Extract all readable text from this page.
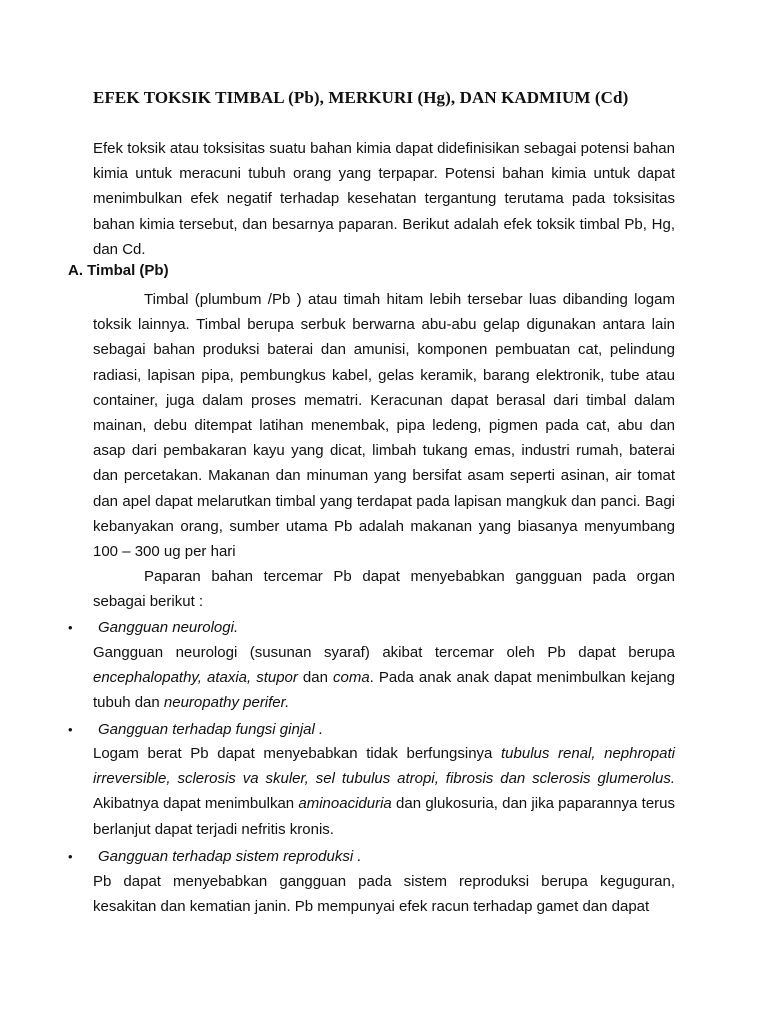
EFEK TOKSIK TIMBAL (Pb), MERKURI (Hg), DAN KADMIUM (Cd)

Efek toksik atau toksisitas suatu bahan kimia dapat didefinisikan sebagai potensi bahan kimia untuk meracuni tubuh orang yang terpapar. Potensi bahan kimia untuk dapat menimbulkan efek negatif terhadap kesehatan tergantung terutama pada toksisitas bahan kimia tersebut, dan besarnya paparan. Berikut adalah efek toksik timbal Pb, Hg, dan Cd.

A. Timbal (Pb)

Timbal (plumbum /Pb ) atau timah hitam lebih tersebar luas dibanding logam toksik lainnya. Timbal berupa serbuk berwarna abu-abu gelap digunakan antara lain sebagai bahan produksi baterai dan amunisi, komponen pembuatan cat, pelindung radiasi, lapisan pipa, pembungkus kabel, gelas keramik, barang elektronik, tube atau container, juga dalam proses mematri. Keracunan dapat berasal dari timbal dalam mainan, debu ditempat latihan menembak, pipa ledeng, pigmen pada cat, abu dan asap dari pembakaran kayu yang dicat, limbah tukang emas, industri rumah, baterai dan percetakan. Makanan dan minuman yang bersifat asam seperti asinan, air tomat dan apel dapat melarutkan timbal yang terdapat pada lapisan mangkuk dan panci. Bagi kebanyakan orang, sumber utama Pb adalah makanan yang biasanya menyumbang 100 – 300 ug per hari

Paparan bahan tercemar Pb dapat menyebabkan gangguan pada organ sebagai berikut :

• Gangguan neurologi.

Gangguan neurologi (susunan syaraf) akibat tercemar oleh Pb dapat berupa encephalopathy, ataxia, stupor dan coma. Pada anak anak dapat menimbulkan kejang tubuh dan neuropathy perifer.

• Gangguan terhadap fungsi ginjal .

Logam berat Pb dapat menyebabkan tidak berfungsinya tubulus renal, nephropati irreversible, sclerosis va skuler, sel tubulus atropi, fibrosis dan sclerosis glumerolus. Akibatnya dapat menimbulkan aminoaciduria dan glukosuria, dan jika paparannya terus berlanjut dapat terjadi nefritis kronis.

• Gangguan terhadap sistem reproduksi .

Pb dapat menyebabkan gangguan pada sistem reproduksi berupa keguguran, kesakitan dan kematian janin. Pb mempunyai efek racun terhadap gamet dan dapat
